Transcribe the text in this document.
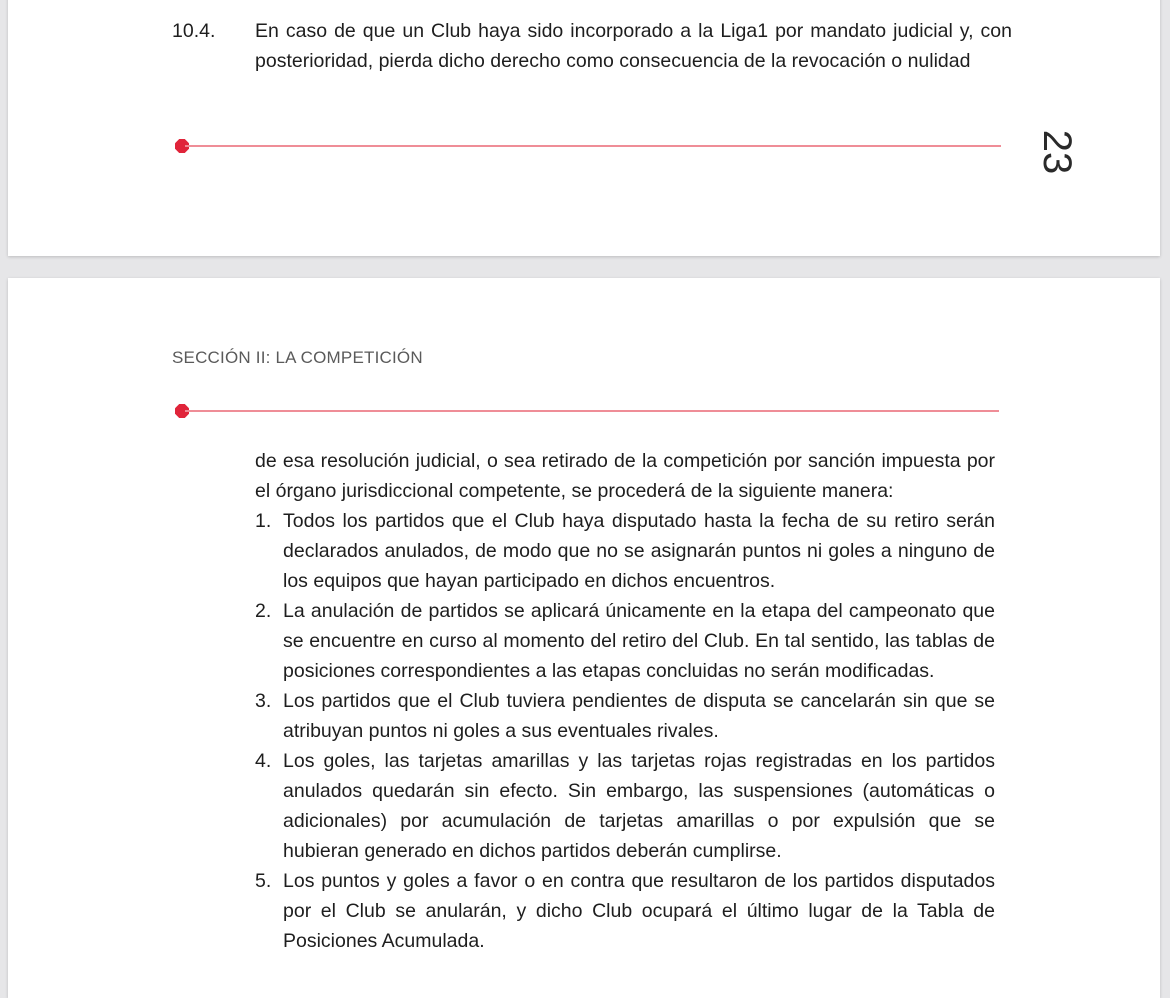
10.4. En caso de que un Club haya sido incorporado a la Liga1 por mandato judicial y, con posterioridad, pierda dicho derecho como consecuencia de la revocación o nulidad
23
SECCIÓN II: LA COMPETICIÓN

de esa resolución judicial, o sea retirado de la competición por sanción impuesta por el órgano jurisdiccional competente, se procederá de la siguiente manera:

1. Todos los partidos que el Club haya disputado hasta la fecha de su retiro serán declarados anulados, de modo que no se asignarán puntos ni goles a ninguno de los equipos que hayan participado en dichos encuentros.
2. La anulación de partidos se aplicará únicamente en la etapa del campeonato que se encuentre en curso al momento del retiro del Club. En tal sentido, las tablas de posiciones correspondientes a las etapas concluidas no serán modificadas.
3. Los partidos que el Club tuviera pendientes de disputa se cancelarán sin que se atribuyan puntos ni goles a sus eventuales rivales.
4. Los goles, las tarjetas amarillas y las tarjetas rojas registradas en los partidos anulados quedarán sin efecto. Sin embargo, las suspensiones (automáticas o adicionales) por acumulación de tarjetas amarillas o por expulsión que se hubieran generado en dichos partidos deberán cumplirse.
5. Los puntos y goles a favor o en contra que resultaron de los partidos disputados por el Club se anularán, y dicho Club ocupará el último lugar de la Tabla de Posiciones Acumulada.
